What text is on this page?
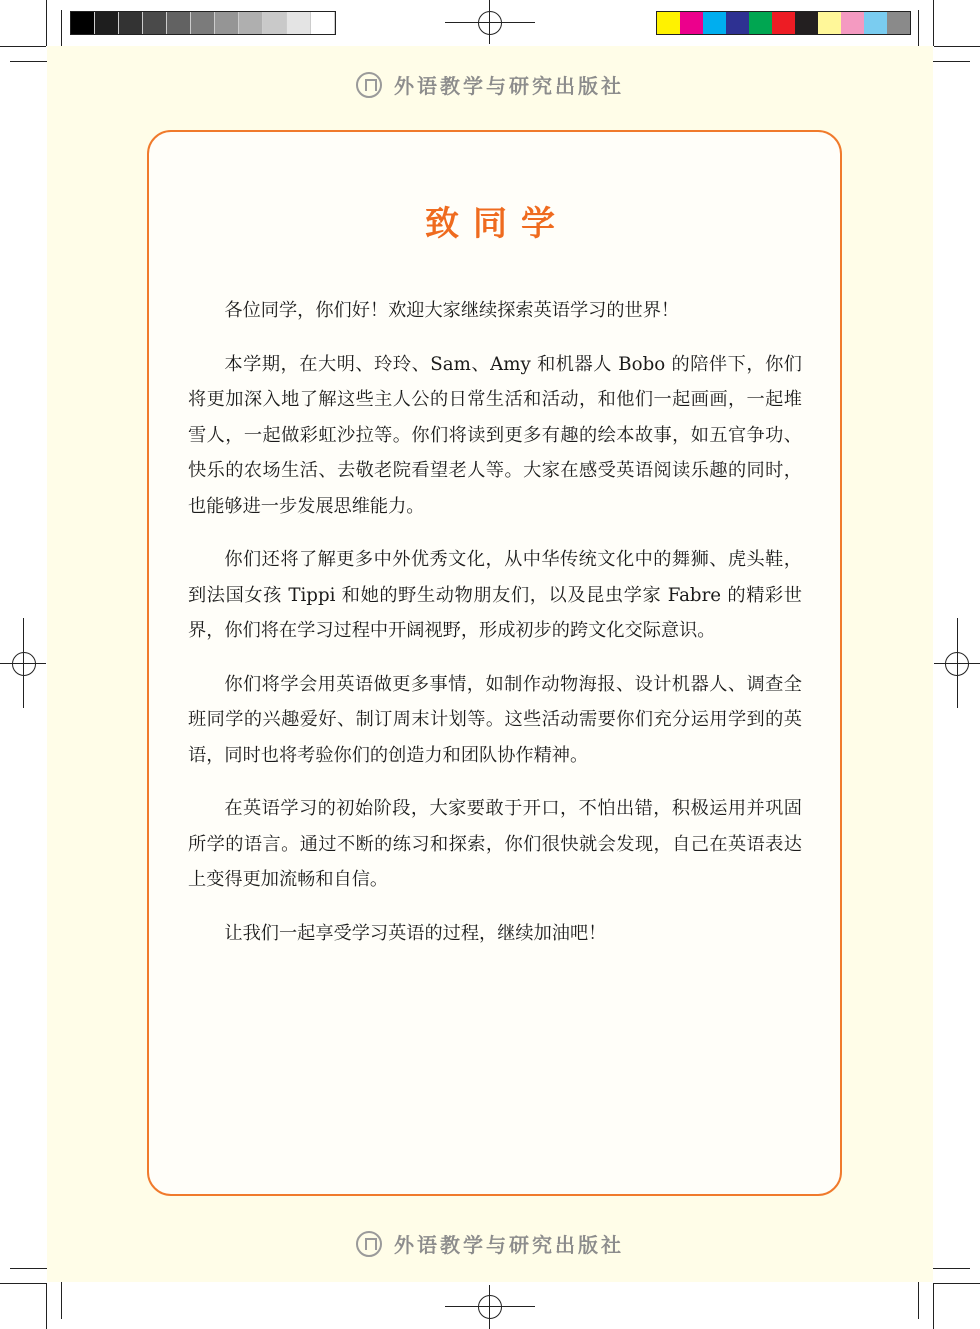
外语教学与研究出版社
致同学

各位同学，你们好！欢迎大家继续探索英语学习的世界！

本学期，在大明、玲玲、Sam、Amy 和机器人 Bobo 的陪伴下，你们将更加深入地了解这些主人公的日常生活和活动，和他们一起画画，一起堆雪人，一起做彩虹沙拉等。你们将读到更多有趣的绘本故事，如五官争功、快乐的农场生活、去敬老院看望老人等。大家在感受英语阅读乐趣的同时，也能够进一步发展思维能力。

你们还将了解更多中外优秀文化，从中华传统文化中的舞狮、虎头鞋，到法国女孩 Tippi 和她的野生动物朋友们，以及昆虫学家 Fabre 的精彩世界，你们将在学习过程中开阔视野，形成初步的跨文化交际意识。

你们将学会用英语做更多事情，如制作动物海报、设计机器人、调查全班同学的兴趣爱好、制订周末计划等。这些活动需要你们充分运用学到的英语，同时也将考验你们的创造力和团队协作精神。

在英语学习的初始阶段，大家要敢于开口，不怕出错，积极运用并巩固所学的语言。通过不断的练习和探索，你们很快就会发现，自己在英语表达上变得更加流畅和自信。

让我们一起享受学习英语的过程，继续加油吧！

外语教学与研究出版社
